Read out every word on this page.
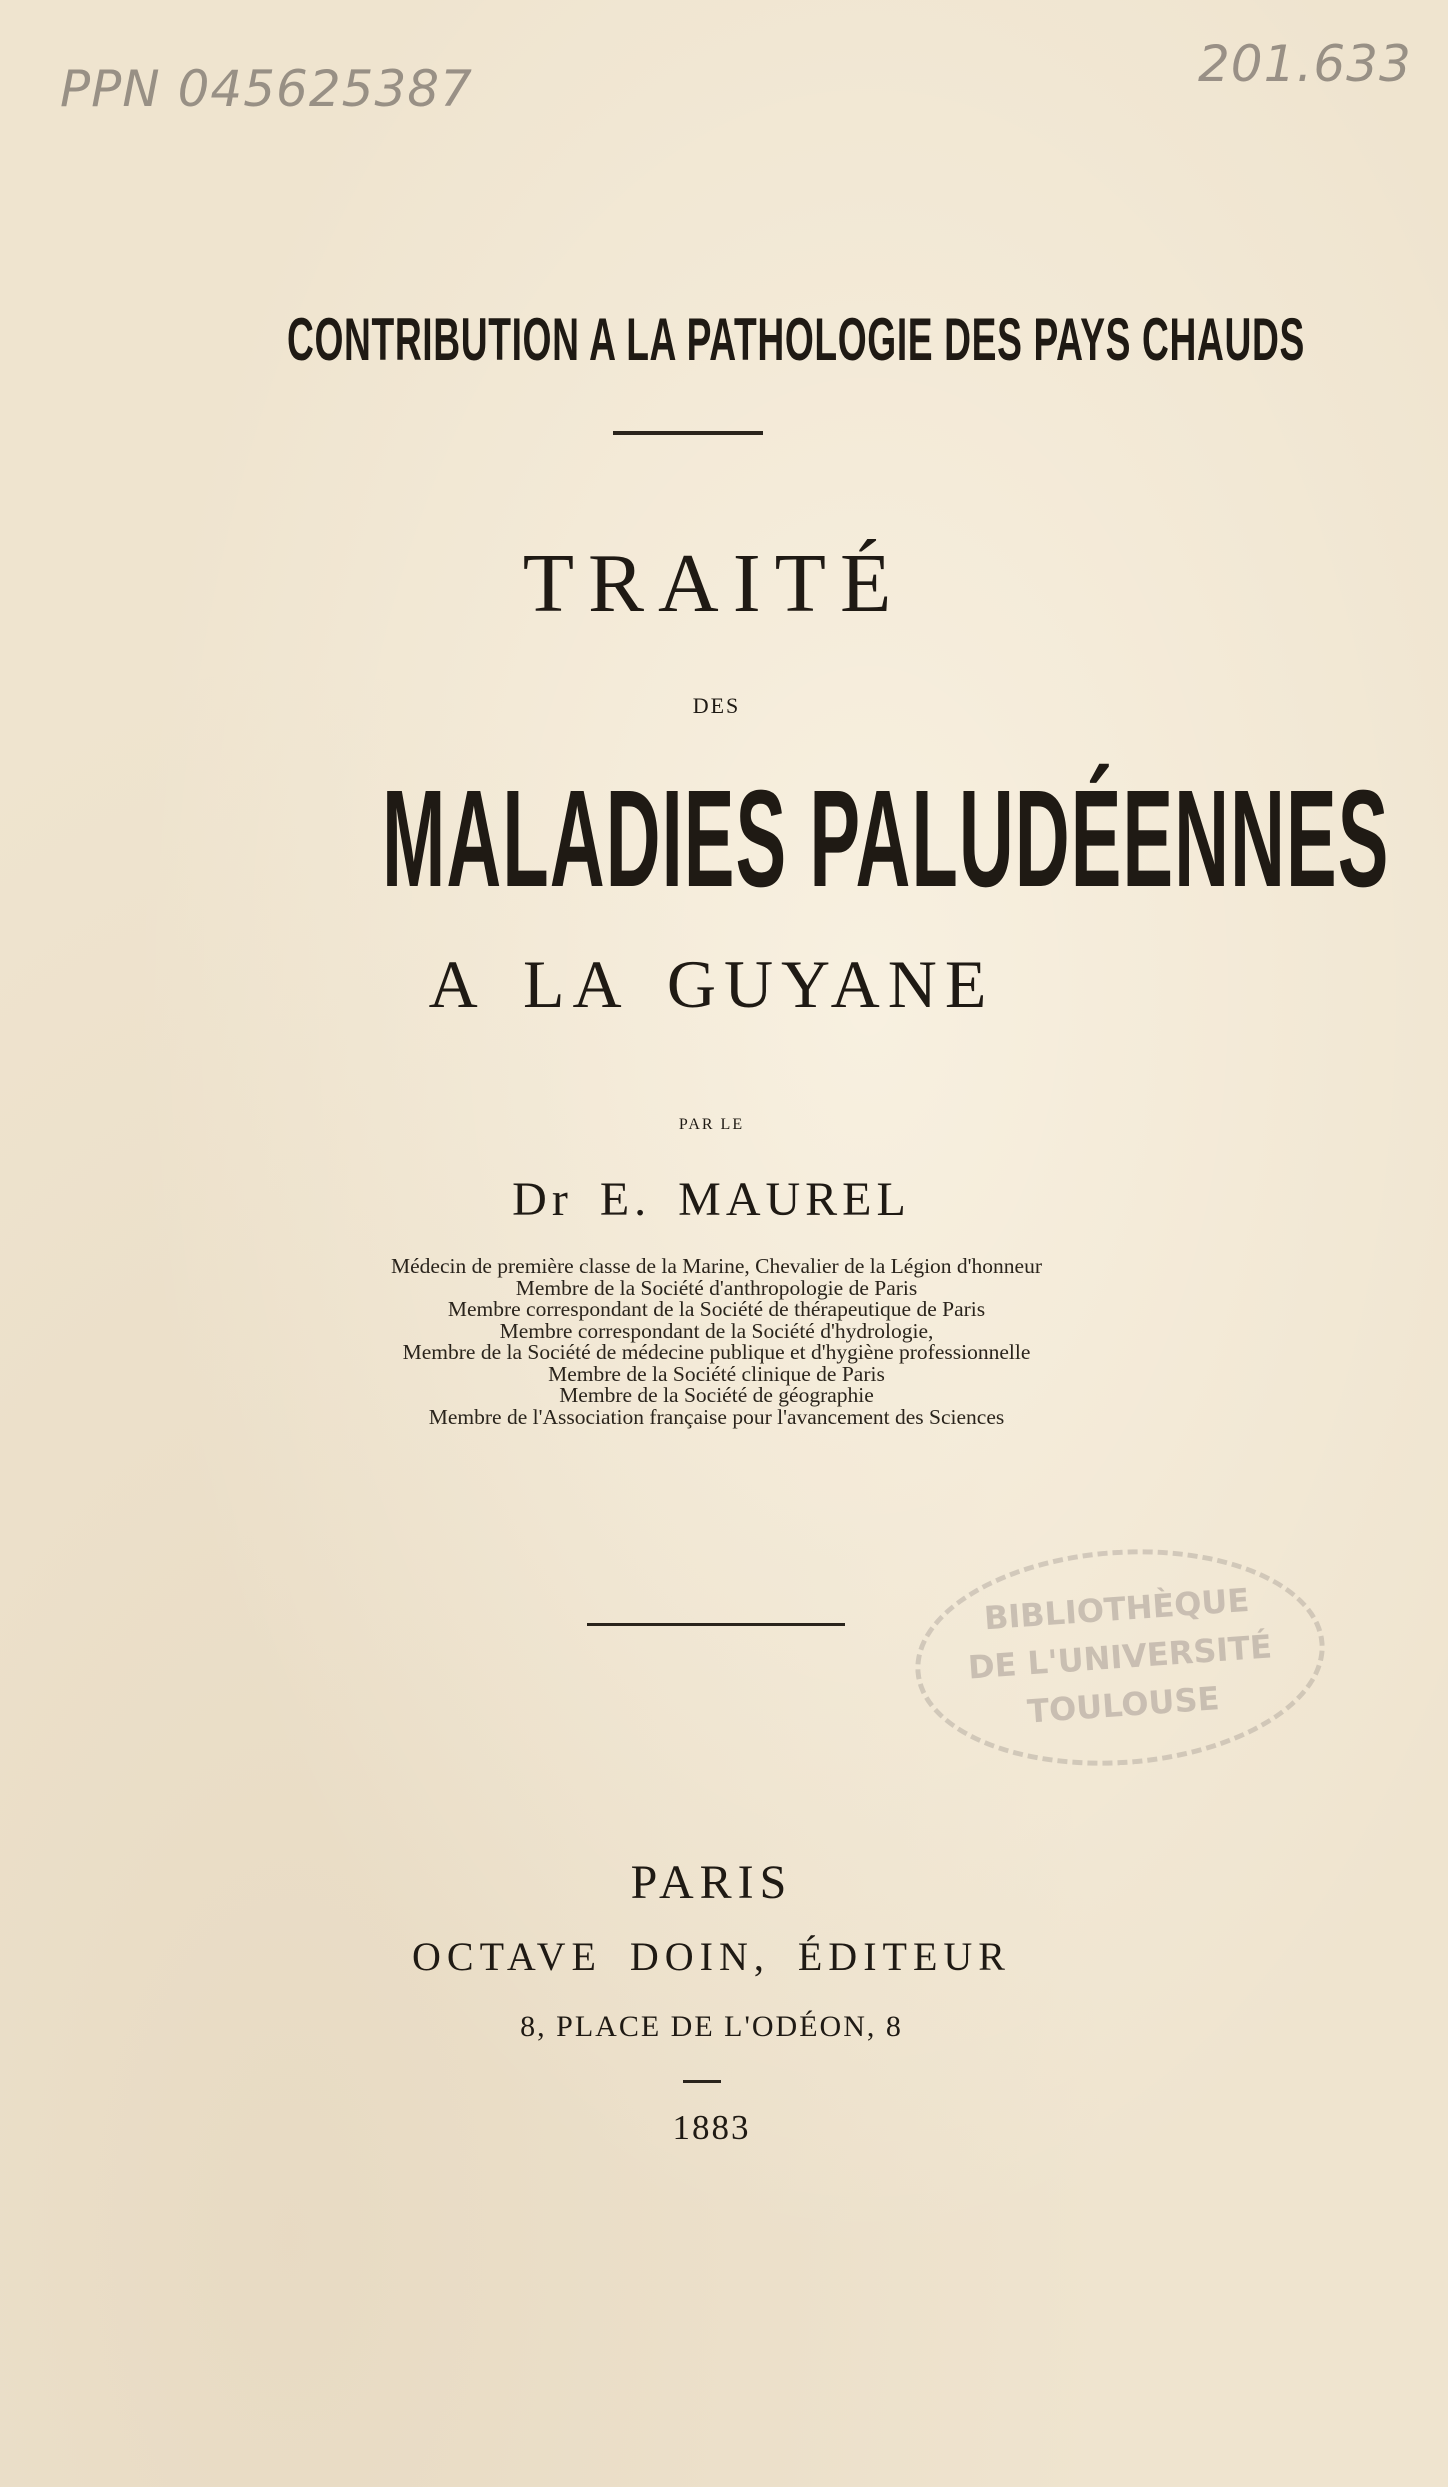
PPN 045625387	201.633
CONTRIBUTION A LA PATHOLOGIE DES PAYS CHAUDS
TRAITÉ
DES
MALADIES PALUDÉENNES
A LA GUYANE
PAR LE
Dr E. MAUREL
Médecin de première classe de la Marine, Chevalier de la Légion d'honneur
Membre de la Société d'anthropologie de Paris
Membre correspondant de la Société de thérapeutique de Paris
Membre correspondant de la Société d'hydrologie,
Membre de la Société de médecine publique et d'hygiène professionnelle
Membre de la Société clinique de Paris
Membre de la Société de géographie
Membre de l'Association française pour l'avancement des Sciences
BIBLIOTHÈQUE
DE L'UNIVERSITÉ
TOULOUSE
PARIS
OCTAVE DOIN, ÉDITEUR
8, PLACE DE L'ODÉON, 8
1883
